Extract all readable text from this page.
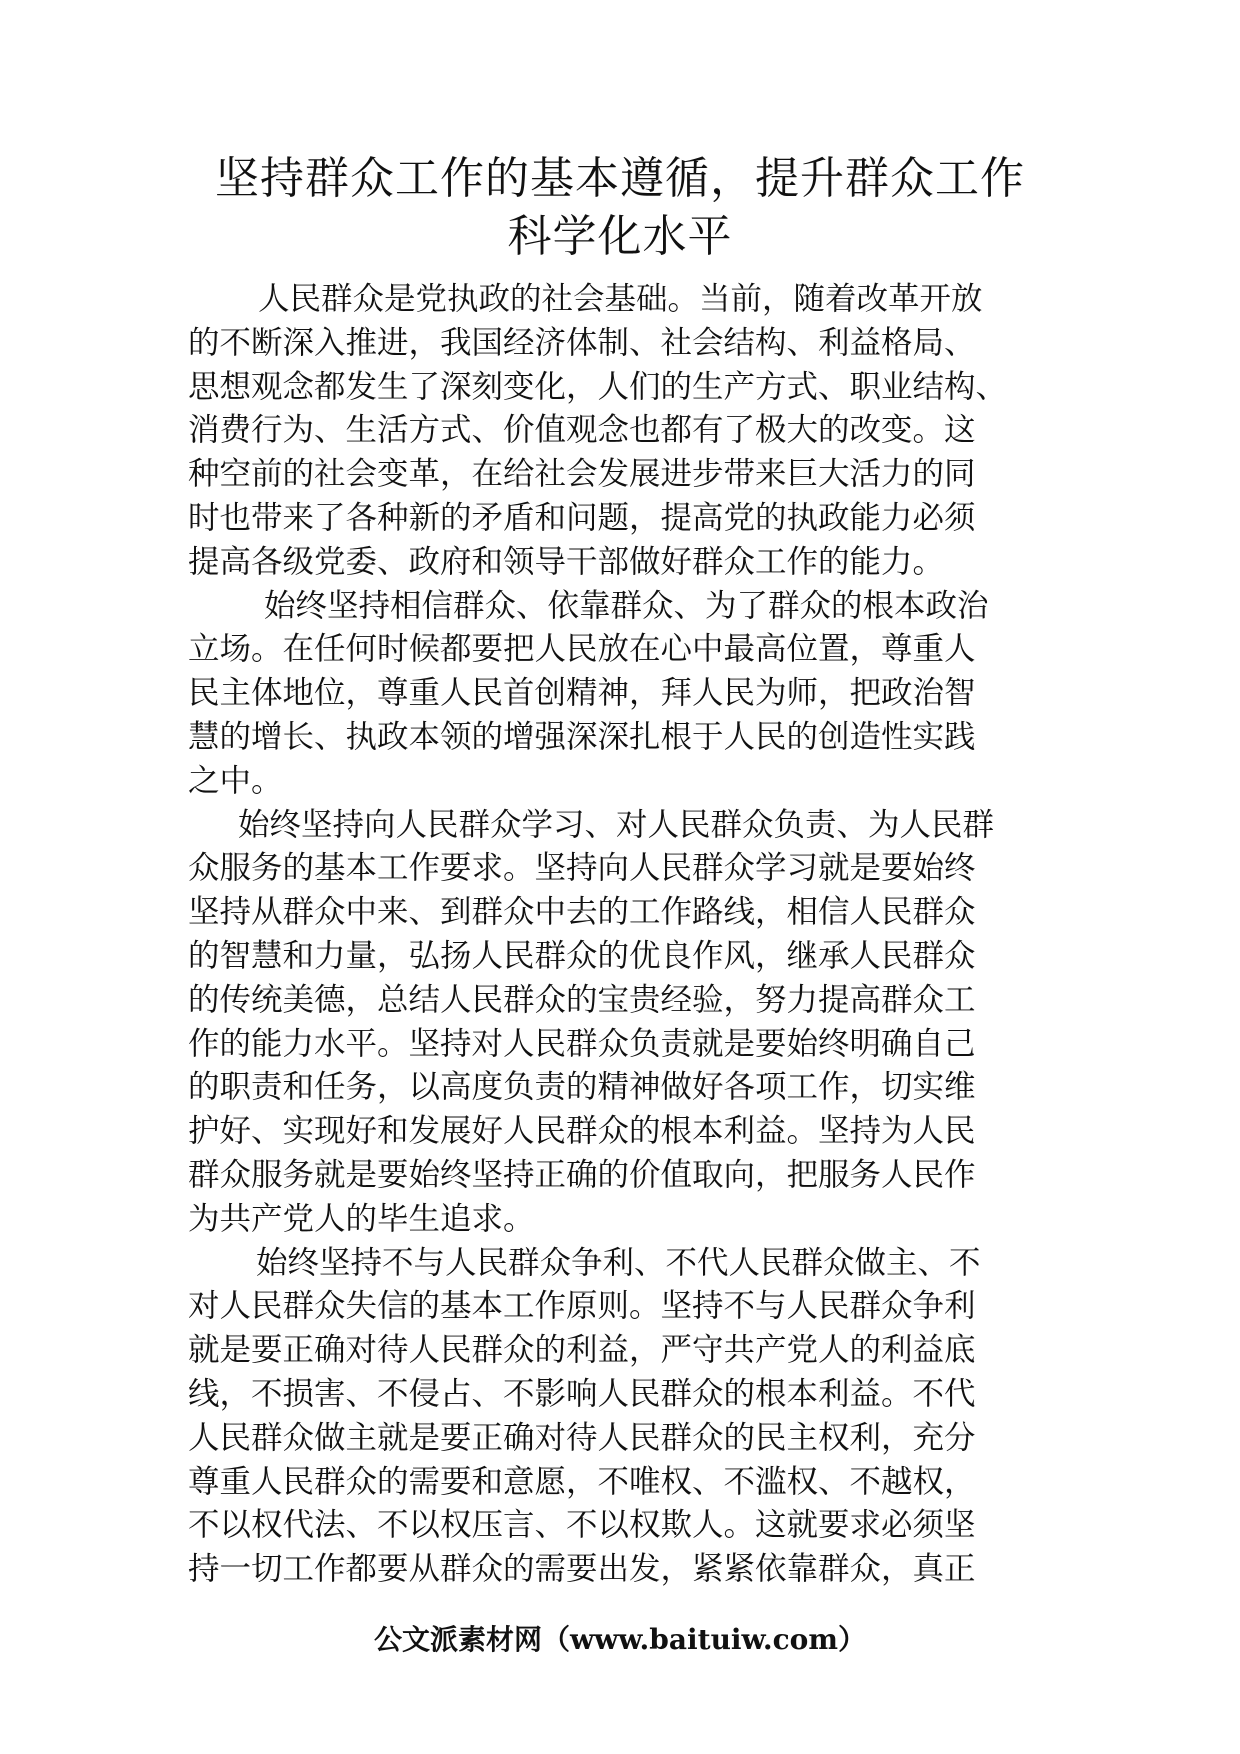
坚持群众工作的基本遵循，提升群众工作
科学化水平

人民群众是党执政的社会基础。当前，随着改革开放
的不断深入推进，我国经济体制、社会结构、利益格局、
思想观念都发生了深刻变化，人们的生产方式、职业结构、
消费行为、生活方式、价值观念也都有了极大的改变。这
种空前的社会变革，在给社会发展进步带来巨大活力的同
时也带来了各种新的矛盾和问题，提高党的执政能力必须
提高各级党委、政府和领导干部做好群众工作的能力。

始终坚持相信群众、依靠群众、为了群众的根本政治
立场。在任何时候都要把人民放在心中最高位置，尊重人
民主体地位，尊重人民首创精神，拜人民为师，把政治智
慧的增长、执政本领的增强深深扎根于人民的创造性实践
之中。

始终坚持向人民群众学习、对人民群众负责、为人民群
众服务的基本工作要求。坚持向人民群众学习就是要始终
坚持从群众中来、到群众中去的工作路线，相信人民群众
的智慧和力量，弘扬人民群众的优良作风，继承人民群众
的传统美德，总结人民群众的宝贵经验，努力提高群众工
作的能力水平。坚持对人民群众负责就是要始终明确自己
的职责和任务，以高度负责的精神做好各项工作，切实维
护好、实现好和发展好人民群众的根本利益。坚持为人民
群众服务就是要始终坚持正确的价值取向，把服务人民作
为共产党人的毕生追求。

始终坚持不与人民群众争利、不代人民群众做主、不
对人民群众失信的基本工作原则。坚持不与人民群众争利
就是要正确对待人民群众的利益，严守共产党人的利益底
线，不损害、不侵占、不影响人民群众的根本利益。不代
人民群众做主就是要正确对待人民群众的民主权利，充分
尊重人民群众的需要和意愿，不唯权、不滥权、不越权，
不以权代法、不以权压言、不以权欺人。这就要求必须坚
持一切工作都要从群众的需要出发，紧紧依靠群众，真正

公文派素材网（www.baituiw.com）
